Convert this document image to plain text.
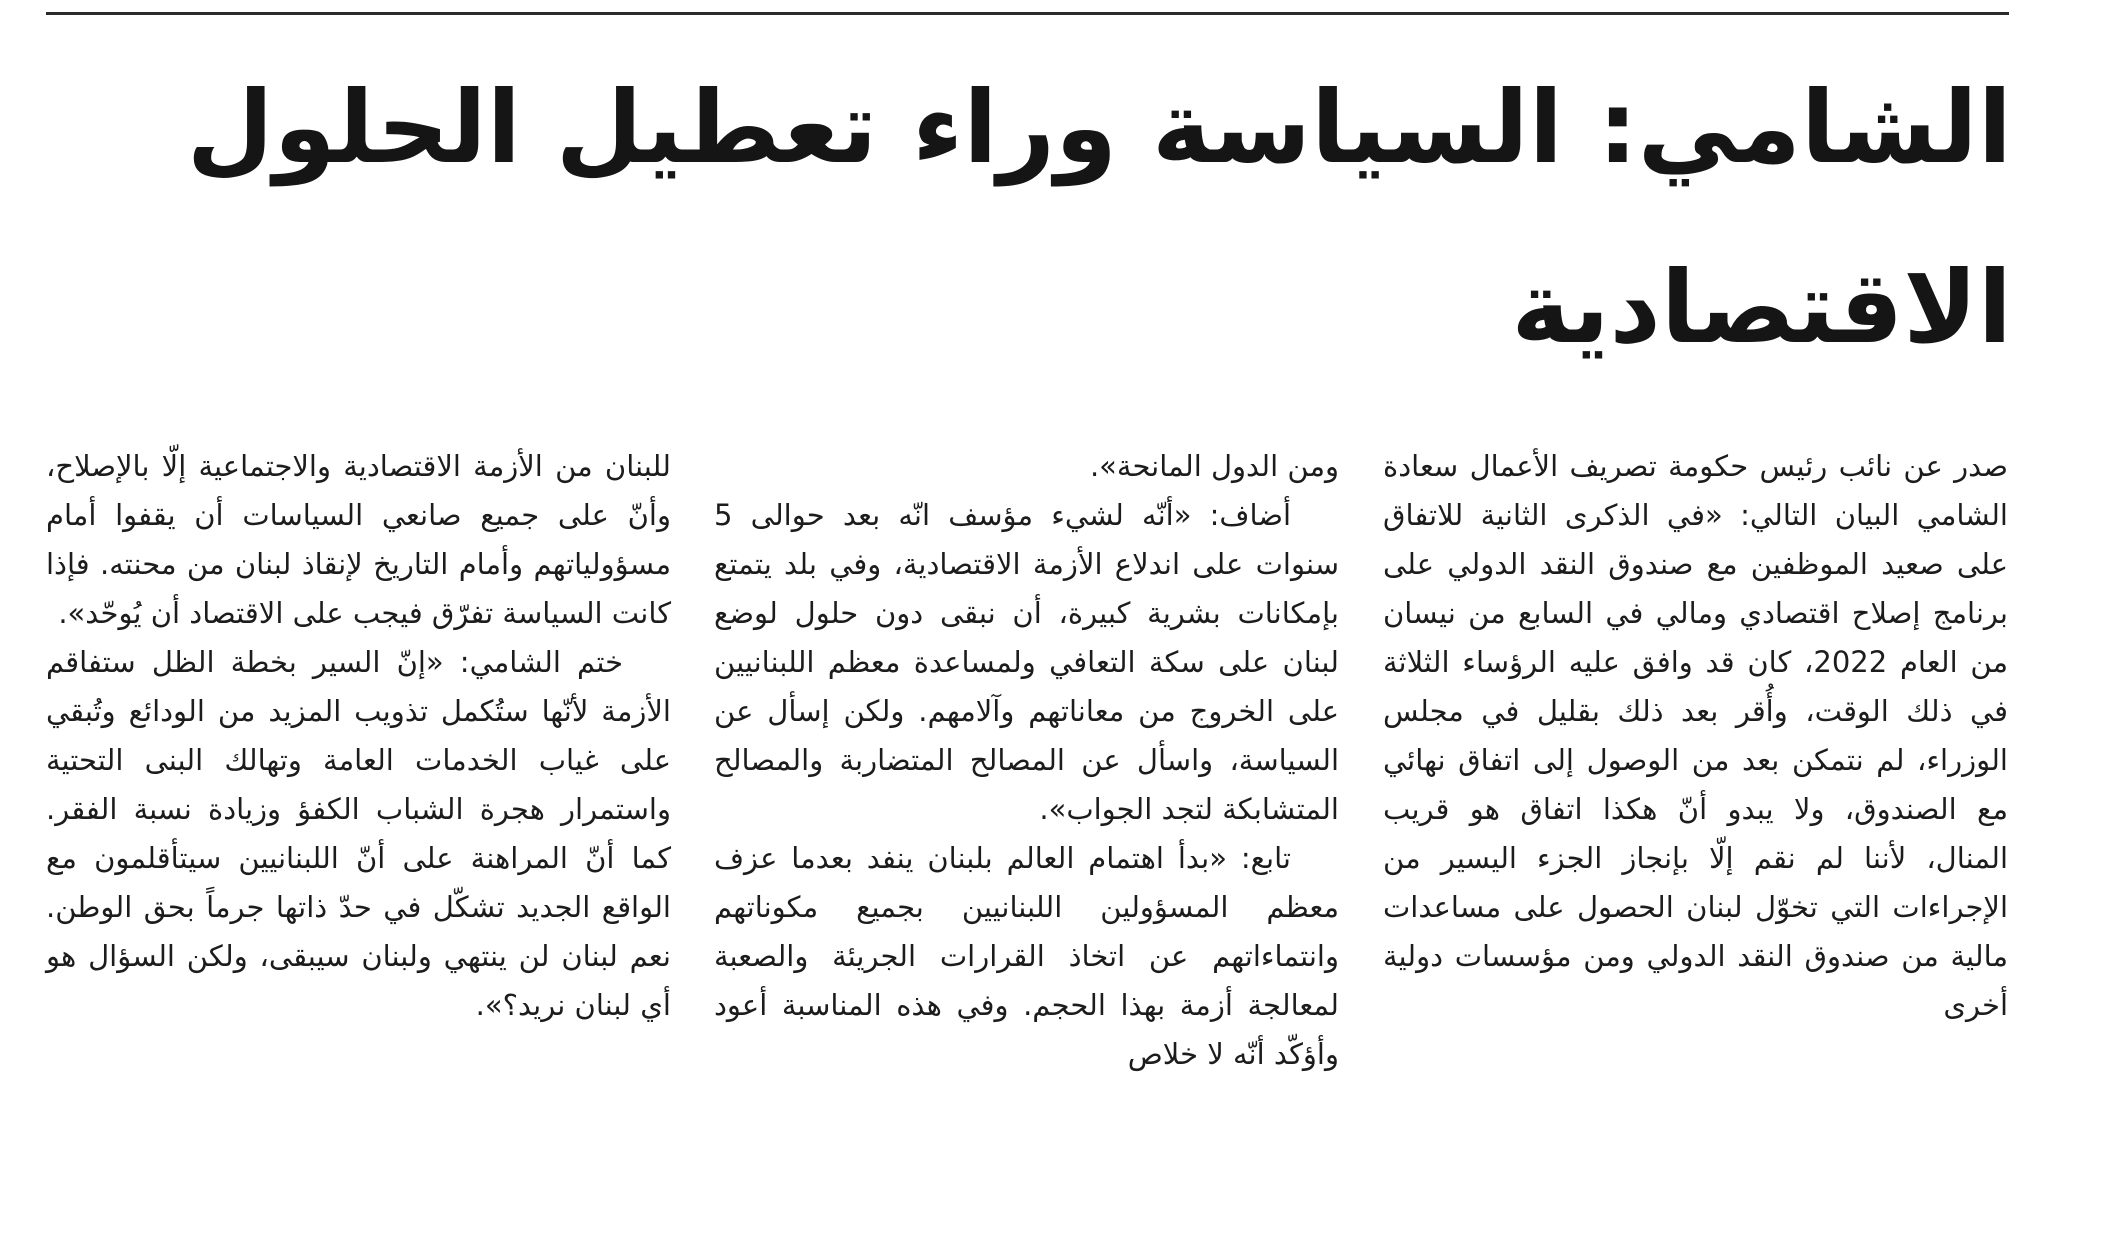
الشامي: السياسة وراء تعطيل الحلول الاقتصادية

صدر عن نائب رئيس حكومة تصريف الأعمال سعادة الشامي البيان التالي: «في الذكرى الثانية للاتفاق على صعيد الموظفين مع صندوق النقد الدولي على برنامج إصلاح اقتصادي ومالي في السابع من نيسان من العام 2022، كان قد وافق عليه الرؤساء الثلاثة في ذلك الوقت، وأُقر بعد ذلك بقليل في مجلس الوزراء، لم نتمكن بعد من الوصول إلى اتفاق نهائي مع الصندوق، ولا يبدو أنّ هكذا اتفاق هو قريب المنال، لأننا لم نقم إلّا بإنجاز الجزء اليسير من الإجراءات التي تخوّل لبنان الحصول على مساعدات مالية من صندوق النقد الدولي ومن مؤسسات دولية أخرى

ومن الدول المانحة».

أضاف: «أنّه لشيء مؤسف انّه بعد حوالى 5 سنوات على اندلاع الأزمة الاقتصادية، وفي بلد يتمتع بإمكانات بشرية كبيرة، أن نبقى دون حلول لوضع لبنان على سكة التعافي ولمساعدة معظم اللبنانيين على الخروج من معاناتهم وآلامهم. ولكن إسأل عن السياسة، واسأل عن المصالح المتضاربة والمصالح المتشابكة لتجد الجواب».

تابع: «بدأ اهتمام العالم بلبنان ينفد بعدما عزف معظم المسؤولين اللبنانيين بجميع مكوناتهم وانتماءاتهم عن اتخاذ القرارات الجريئة والصعبة لمعالجة أزمة بهذا الحجم. وفي هذه المناسبة أعود وأؤكّد أنّه لا خلاص

للبنان من الأزمة الاقتصادية والاجتماعية إلّا بالإصلاح، وأنّ على جميع صانعي السياسات أن يقفوا أمام مسؤولياتهم وأمام التاريخ لإنقاذ لبنان من محنته. فإذا كانت السياسة تفرّق فيجب على الاقتصاد أن يُوحّد».

ختم الشامي: «إنّ السير بخطة الظل ستفاقم الأزمة لأنّها ستُكمل تذويب المزيد من الودائع وتُبقي على غياب الخدمات العامة وتهالك البنى التحتية واستمرار هجرة الشباب الكفؤ وزيادة نسبة الفقر. كما أنّ المراهنة على أنّ اللبنانيين سيتأقلمون مع الواقع الجديد تشكّل في حدّ ذاتها جرماً بحق الوطن. نعم لبنان لن ينتهي ولبنان سيبقى، ولكن السؤال هو أي لبنان نريد؟».
